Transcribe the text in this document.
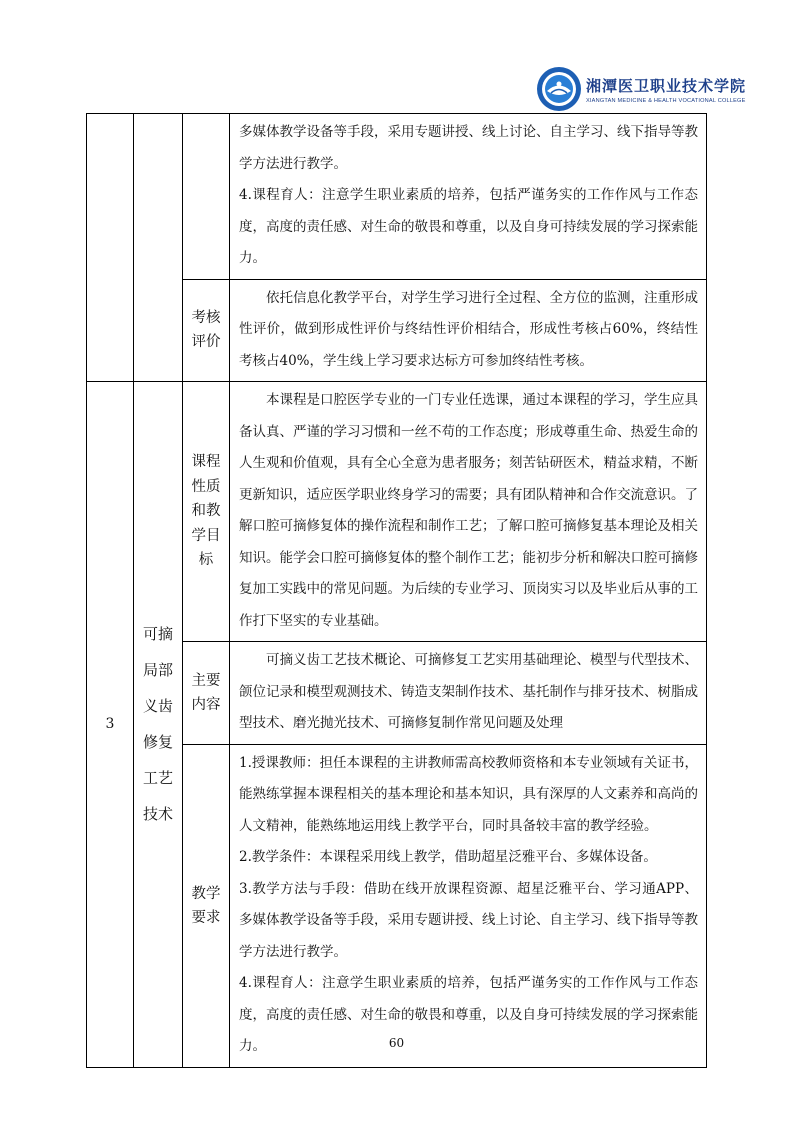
湘潭医卫职业技术学院
XIANGTAN MEDICINE & HEALTH VOCATIONAL COLLEGE

			多媒体教学设备等手段，采用专题讲授、线上讨论、自主学习、线下指导等教学方法进行教学。

4.课程育人：注意学生职业素质的培养，包括严谨务实的工作作风与工作态度，高度的责任感、对生命的敬畏和尊重，以及自身可持续发展的学习探索能力。

		考核评价	依托信息化教学平台，对学生学习进行全过程、全方位的监测，注重形成性评价，做到形成性评价与终结性评价相结合，形成性考核占60%，终结性考核占40%，学生线上学习要求达标方可参加终结性考核。

3	可摘局部义齿修复工艺技术	课程性质和教学目标	本课程是口腔医学专业的一门专业任选课，通过本课程的学习，学生应具备认真、严谨的学习习惯和一丝不苟的工作态度；形成尊重生命、热爱生命的人生观和价值观，具有全心全意为患者服务；刻苦钻研医术，精益求精，不断更新知识，适应医学职业终身学习的需要；具有团队精神和合作交流意识。了解口腔可摘修复体的操作流程和制作工艺；了解口腔可摘修复基本理论及相关知识。能学会口腔可摘修复体的整个制作工艺；能初步分析和解决口腔可摘修复加工实践中的常见问题。为后续的专业学习、顶岗实习以及毕业后从事的工作打下坚实的专业基础。

		主要内容	可摘义齿工艺技术概论、可摘修复工艺实用基础理论、模型与代型技术、颌位记录和模型观测技术、铸造支架制作技术、基托制作与排牙技术、树脂成型技术、磨光抛光技术、可摘修复制作常见问题及处理

		教学要求	1.授课教师：担任本课程的主讲教师需高校教师资格和本专业领域有关证书，能熟练掌握本课程相关的基本理论和基本知识，具有深厚的人文素养和高尚的人文精神，能熟练地运用线上教学平台，同时具备较丰富的教学经验。

2.教学条件：本课程采用线上教学，借助超星泛雅平台、多媒体设备。

3.教学方法与手段：借助在线开放课程资源、超星泛雅平台、学习通APP、多媒体教学设备等手段，采用专题讲授、线上讨论、自主学习、线下指导等教学方法进行教学。

4.课程育人：注意学生职业素质的培养，包括严谨务实的工作作风与工作态度，高度的责任感、对生命的敬畏和尊重，以及自身可持续发展的学习探索能力。	60
